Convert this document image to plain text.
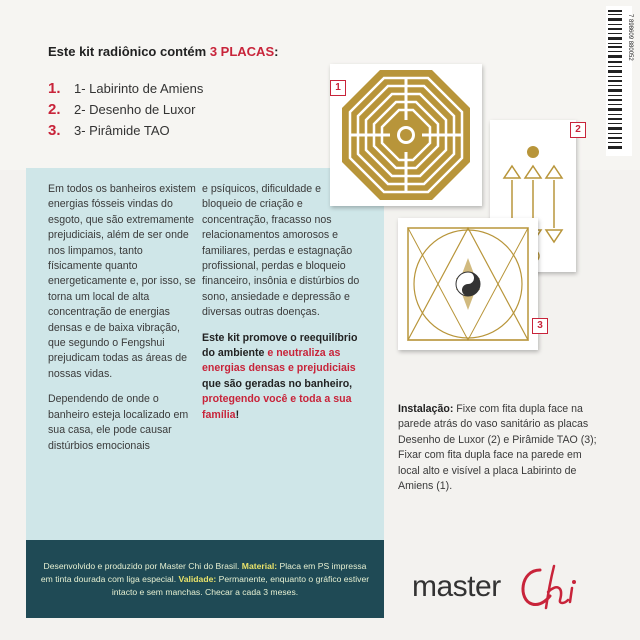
Este kit radiônico contém 3 PLACAS:
1.	1- Labirinto de Amiens
2.	2- Desenho de Luxor
3.	3- Pirâmide TAO

Em todos os banheiros existem energias fósseis vindas do esgoto, que são extremamente prejudiciais, além de ser onde nos limpamos, tanto físicamente quanto energeticamente e, por isso, se torna um local de alta concentração de energias densas e de baixa vibração, que segundo o Fengshui prejudicam todas as áreas de nossas vidas.

Dependendo de onde o banheiro esteja localizado em sua casa, ele pode causar distúrbios emocionais

e psíquicos, dificuldade e bloqueio de criação e concentração, fracasso nos relacionamentos amorosos e familiares, perdas e estagnação profissional, perdas e bloqueio financeiro, insônia e distúrbios do sono, ansiedade e depressão e diversas outras doenças.

Este kit promove o reequilíbrio do ambiente e neutraliza as energias densas e prejudiciais que são geradas no banheiro, protegendo você e toda a sua família!	Instalação: Fixe com fita dupla face na parede atrás do vaso sanitário as placas Desenho de Luxor (2) e Pirâmide TAO (3); Fixar com fita dupla face na parede em local alto e visível a placa Labirinto de Amiens (1).
Desenvolvido e produzido por Master Chi do Brasil. Material: Placa em PS impressa em tinta dourada com liga especial. Validade: Permanente, enquanto o gráfico estiver intacto e sem manchas. Checar a cada 3 meses.
1
2
3
7 898609 880052
master
Chi
